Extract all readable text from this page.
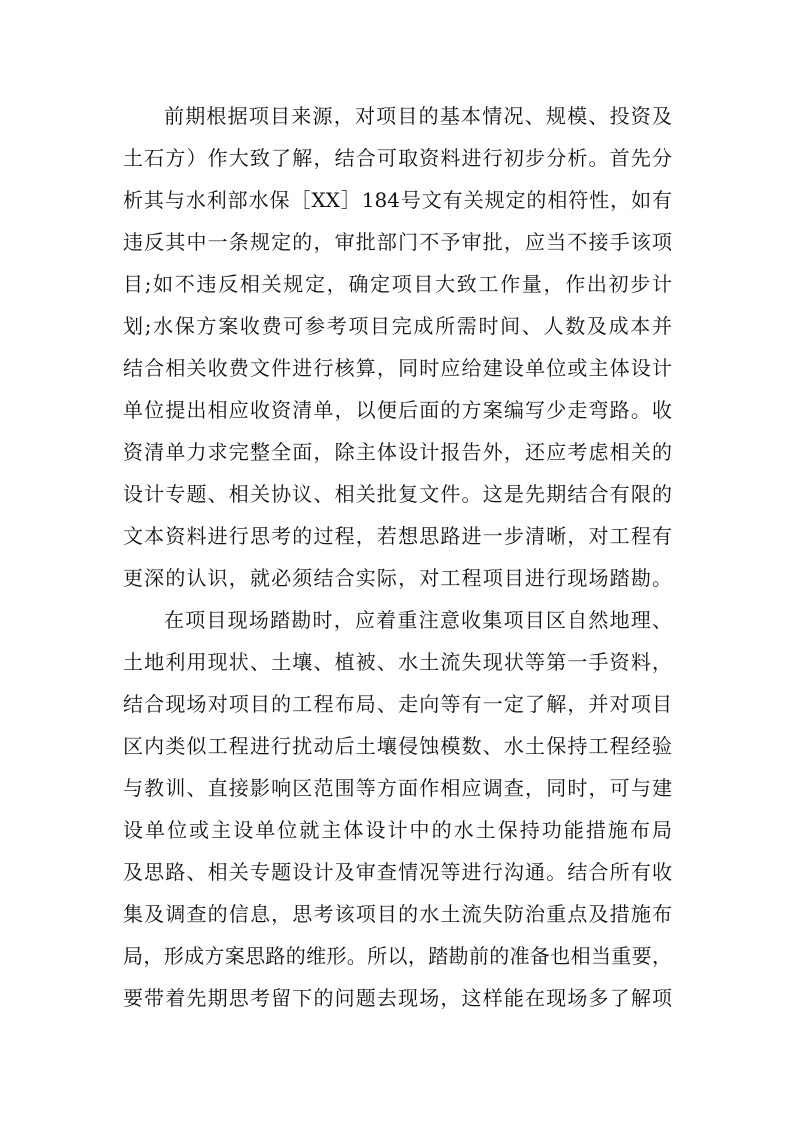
前期根据项目来源，对项目的基本情况、规模、投资及
土石方）作大致了解，结合可取资料进行初步分析。首先分
析其与水利部水保［XX］184号文有关规定的相符性，如有
违反其中一条规定的，审批部门不予审批，应当不接手该项
目;如不违反相关规定，确定项目大致工作量，作出初步计
划;水保方案收费可参考项目完成所需时间、人数及成本并
结合相关收费文件进行核算，同时应给建设单位或主体设计
单位提出相应收资清单，以便后面的方案编写少走弯路。收
资清单力求完整全面，除主体设计报告外，还应考虑相关的
设计专题、相关协议、相关批复文件。这是先期结合有限的
文本资料进行思考的过程，若想思路进一步清晰，对工程有
更深的认识，就必须结合实际，对工程项目进行现场踏勘。
在项目现场踏勘时，应着重注意收集项目区自然地理、
土地利用现状、土壤、植被、水土流失现状等第一手资料，
结合现场对项目的工程布局、走向等有一定了解，并对项目
区内类似工程进行扰动后土壤侵蚀模数、水土保持工程经验
与教训、直接影响区范围等方面作相应调查，同时，可与建
设单位或主设单位就主体设计中的水土保持功能措施布局
及思路、相关专题设计及审查情况等进行沟通。结合所有收
集及调查的信息，思考该项目的水土流失防治重点及措施布
局，形成方案思路的维形。所以，踏勘前的准备也相当重要，
要带着先期思考留下的问题去现场，这样能在现场多了解项
